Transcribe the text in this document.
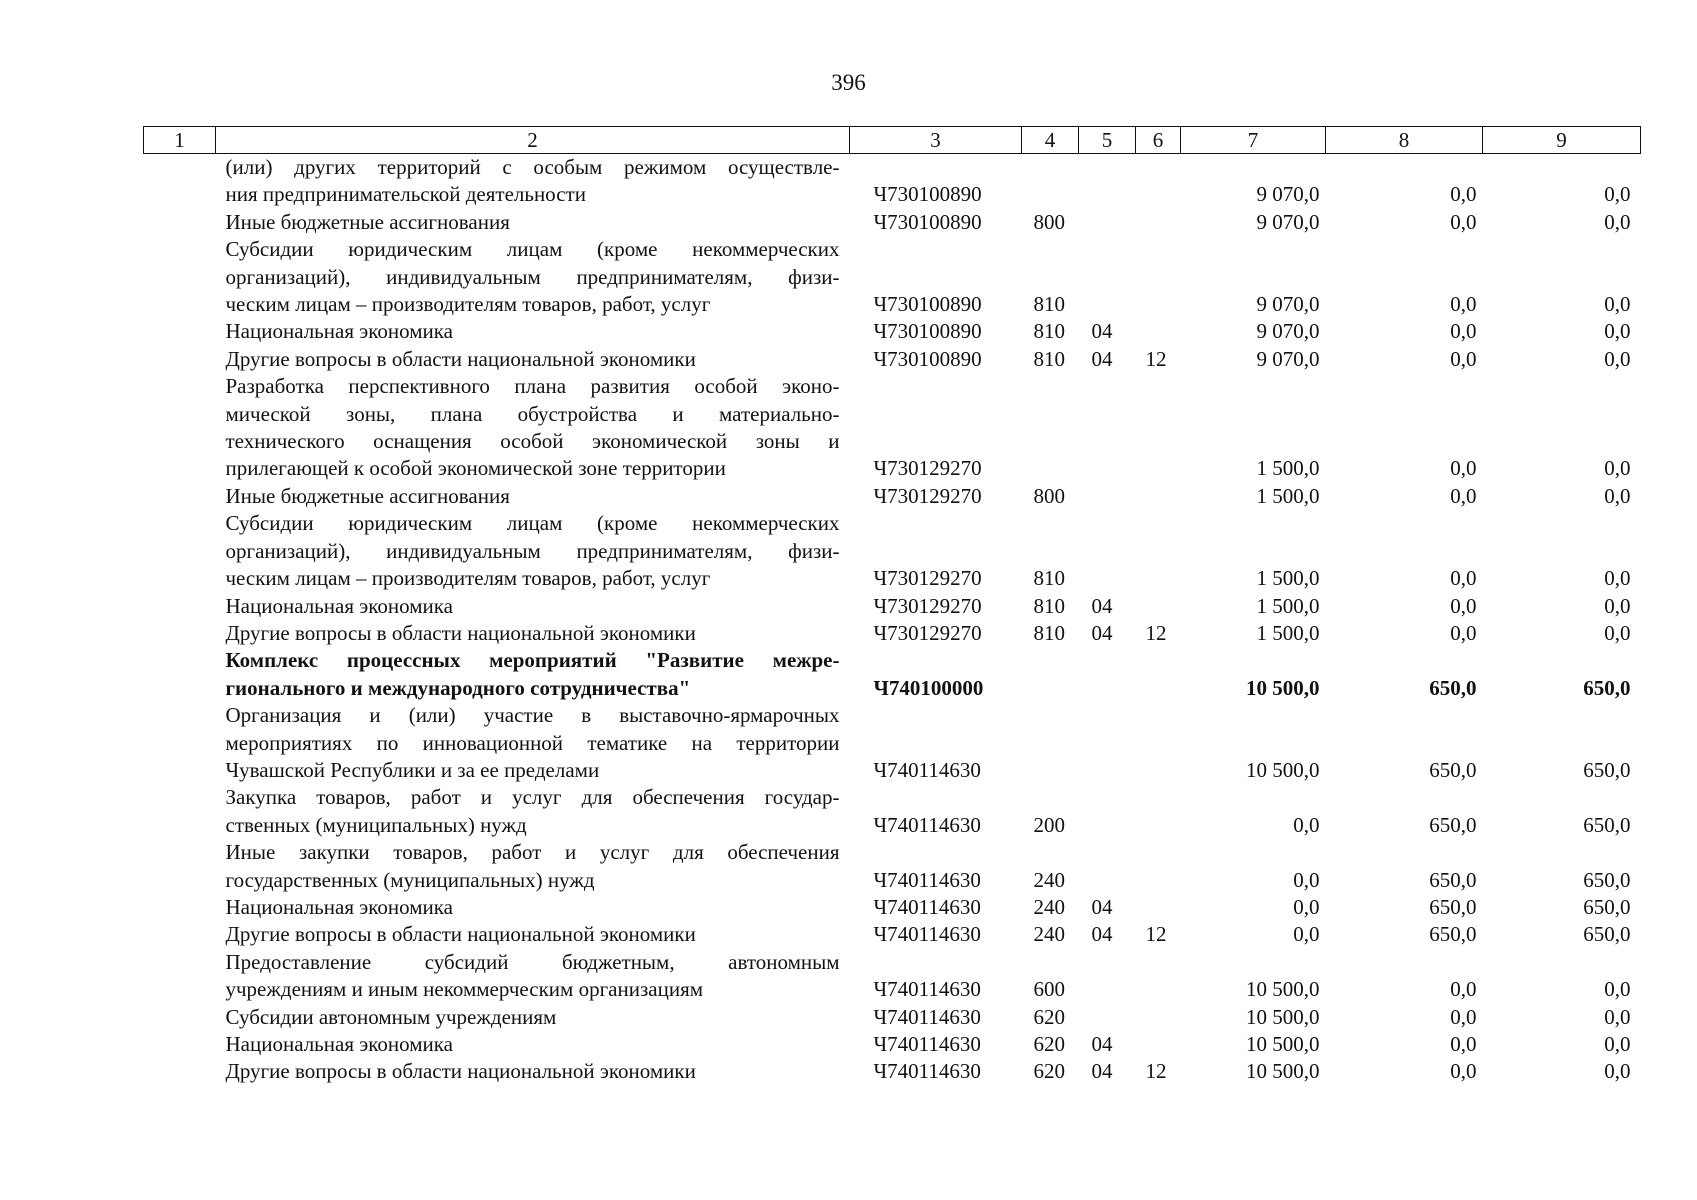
396
1	2	3	4	5	6	7	8	9

	(или) других территорий с особым режимом осуществле-
ния предпринимательской деятельности	Ч730100890				9 070,0	0,0	0,0

	Иные бюджетные ассигнования	Ч730100890	800			9 070,0	0,0	0,0

	Субсидии юридическим лицам (кроме некоммерческих
организаций), индивидуальным предпринимателям, физи-
ческим лицам – производителям товаров, работ, услуг	Ч730100890	810			9 070,0	0,0	0,0

	Национальная экономика	Ч730100890	810	04		9 070,0	0,0	0,0

	Другие вопросы в области национальной экономики	Ч730100890	810	04	12	9 070,0	0,0	0,0

	Разработка перспективного плана развития особой эконо-
мической зоны, плана обустройства и материально-
технического оснащения особой экономической зоны и
прилегающей к особой экономической зоне территории	Ч730129270				1 500,0	0,0	0,0

	Иные бюджетные ассигнования	Ч730129270	800			1 500,0	0,0	0,0

	Субсидии юридическим лицам (кроме некоммерческих
организаций), индивидуальным предпринимателям, физи-
ческим лицам – производителям товаров, работ, услуг	Ч730129270	810			1 500,0	0,0	0,0

	Национальная экономика	Ч730129270	810	04		1 500,0	0,0	0,0

	Другие вопросы в области национальной экономики	Ч730129270	810	04	12	1 500,0	0,0	0,0

	Комплекс процессных мероприятий "Развитие межре-
гионального и международного сотрудничества"	Ч740100000				10 500,0	650,0	650,0

	Организация и (или) участие в выставочно-ярмарочных
мероприятиях по инновационной тематике на территории
Чувашской Республики и за ее пределами	Ч740114630				10 500,0	650,0	650,0

	Закупка товаров, работ и услуг для обеспечения государ-
ственных (муниципальных) нужд	Ч740114630	200			0,0	650,0	650,0

	Иные закупки товаров, работ и услуг для обеспечения
государственных (муниципальных) нужд	Ч740114630	240			0,0	650,0	650,0

	Национальная экономика	Ч740114630	240	04		0,0	650,0	650,0

	Другие вопросы в области национальной экономики	Ч740114630	240	04	12	0,0	650,0	650,0

	Предоставление субсидий бюджетным, автономным
учреждениям и иным некоммерческим организациям	Ч740114630	600			10 500,0	0,0	0,0

	Субсидии автономным учреждениям	Ч740114630	620			10 500,0	0,0	0,0

	Национальная экономика	Ч740114630	620	04		10 500,0	0,0	0,0

	Другие вопросы в области национальной экономики	Ч740114630	620	04	12	10 500,0	0,0	0,0
